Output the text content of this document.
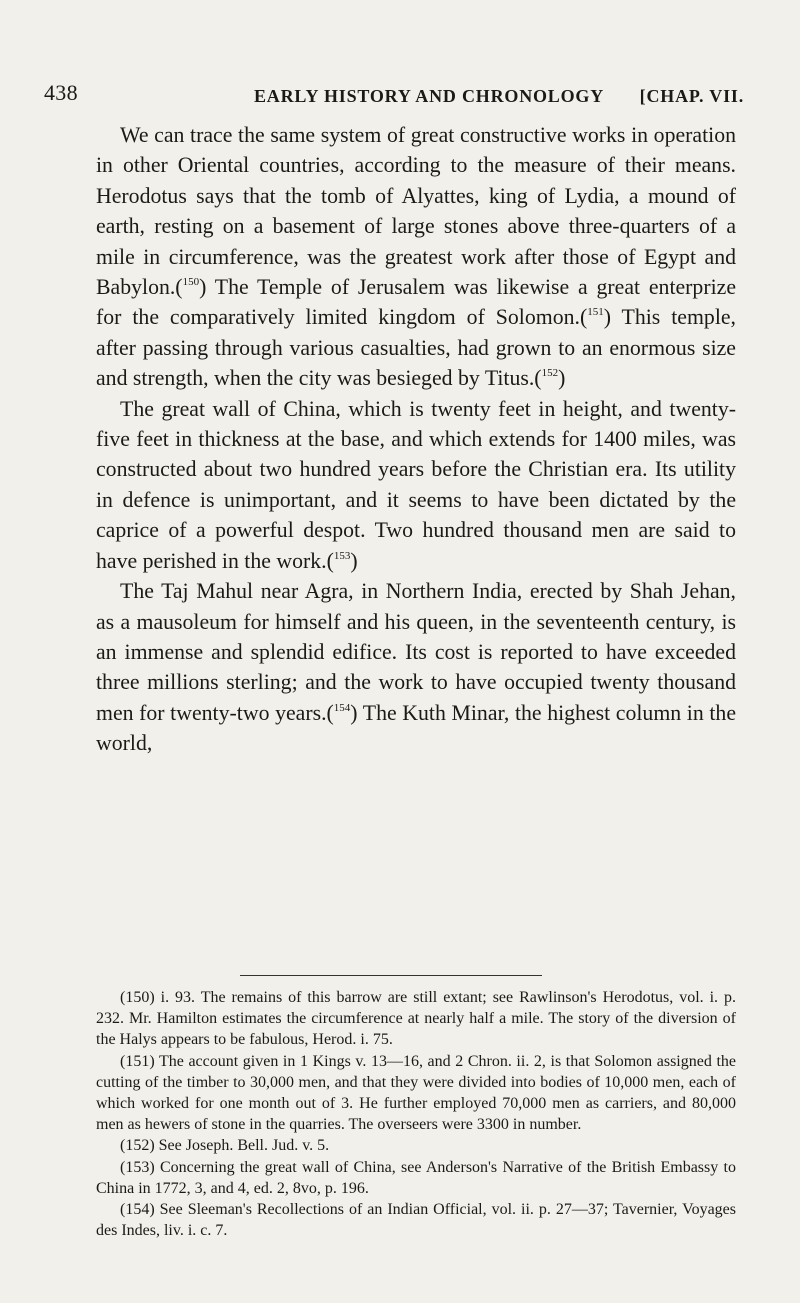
438	EARLY HISTORY AND CHRONOLOGY [CHAP. VII.

We can trace the same system of great constructive works in operation in other Oriental countries, according to the measure of their means. Herodotus says that the tomb of Alyattes, king of Lydia, a mound of earth, resting on a basement of large stones above three-quarters of a mile in circumference, was the greatest work after those of Egypt and Babylon.($^{150}$) The Temple of Jerusalem was likewise a great enterprize for the comparatively limited kingdom of Solomon.($^{151}$) This temple, after passing through various casualties, had grown to an enormous size and strength, when the city was besieged by Titus.($^{152}$)

The great wall of China, which is twenty feet in height, and twenty-five feet in thickness at the base, and which extends for 1400 miles, was constructed about two hundred years before the Christian era. Its utility in defence is unimportant, and it seems to have been dictated by the caprice of a powerful despot. Two hundred thousand men are said to have perished in the work.($^{153}$)

The Taj Mahul near Agra, in Northern India, erected by Shah Jehan, as a mausoleum for himself and his queen, in the seventeenth century, is an immense and splendid edifice. Its cost is reported to have exceeded three millions sterling; and the work to have occupied twenty thousand men for twenty-two years.($^{154}$) The Kuth Minar, the highest column in the world,

(150) i. 93. The remains of this barrow are still extant; see Rawlinson's Herodotus, vol. i. p. 232. Mr. Hamilton estimates the circumference at nearly half a mile. The story of the diversion of the Halys appears to be fabulous, Herod. i. 75.

(151) The account given in 1 Kings v. 13—16, and 2 Chron. ii. 2, is that Solomon assigned the cutting of the timber to 30,000 men, and that they were divided into bodies of 10,000 men, each of which worked for one month out of 3. He further employed 70,000 men as carriers, and 80,000 men as hewers of stone in the quarries. The overseers were 3300 in number.

(152) See Joseph. Bell. Jud. v. 5.

(153) Concerning the great wall of China, see Anderson's Narrative of the British Embassy to China in 1772, 3, and 4, ed. 2, 8vo, p. 196.

(154) See Sleeman's Recollections of an Indian Official, vol. ii. p. 27—37; Tavernier, Voyages des Indes, liv. i. c. 7.
